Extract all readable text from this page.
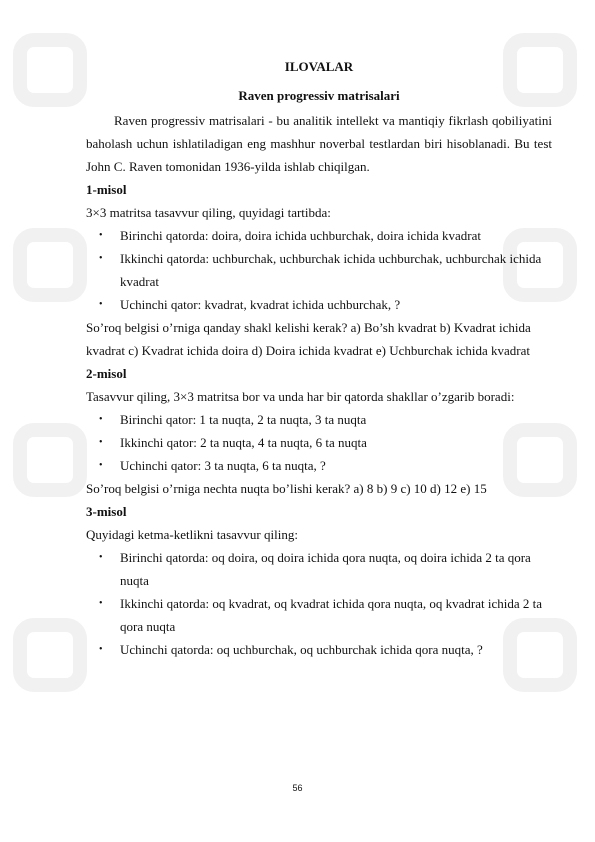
ILOVALAR

Raven progressiv matrisalari

Raven progressiv matrisalari - bu analitik intellekt va mantiqiy fikrlash qobiliyatini baholash uchun ishlatiladigan eng mashhur noverbal testlardan biri hisoblanadi. Bu test John C. Raven tomonidan 1936-yilda ishlab chiqilgan.

1-misol

3×3 matritsa tasavvur qiling, quyidagi tartibda:

• Birinchi qatorda: doira, doira ichida uchburchak, doira ichida kvadrat
• Ikkinchi qatorda: uchburchak, uchburchak ichida uchburchak, uchburchak ichida kvadrat
• Uchinchi qator: kvadrat, kvadrat ichida uchburchak, ?

So’roq belgisi o’rniga qanday shakl kelishi kerak? a) Bo’sh kvadrat b) Kvadrat ichida kvadrat c) Kvadrat ichida doira d) Doira ichida kvadrat e) Uchburchak ichida kvadrat

2-misol

Tasavvur qiling, 3×3 matritsa bor va unda har bir qatorda shakllar o’zgarib boradi:

• Birinchi qator: 1 ta nuqta, 2 ta nuqta, 3 ta nuqta
• Ikkinchi qator: 2 ta nuqta, 4 ta nuqta, 6 ta nuqta
• Uchinchi qator: 3 ta nuqta, 6 ta nuqta, ?

So’roq belgisi o’rniga nechta nuqta bo’lishi kerak? a) 8 b) 9 c) 10 d) 12 e) 15

3-misol

Quyidagi ketma-ketlikni tasavvur qiling:

• Birinchi qatorda: oq doira, oq doira ichida qora nuqta, oq doira ichida 2 ta qora nuqta
• Ikkinchi qatorda: oq kvadrat, oq kvadrat ichida qora nuqta, oq kvadrat ichida 2 ta qora nuqta
• Uchinchi qatorda: oq uchburchak, oq uchburchak ichida qora nuqta, ?
56
